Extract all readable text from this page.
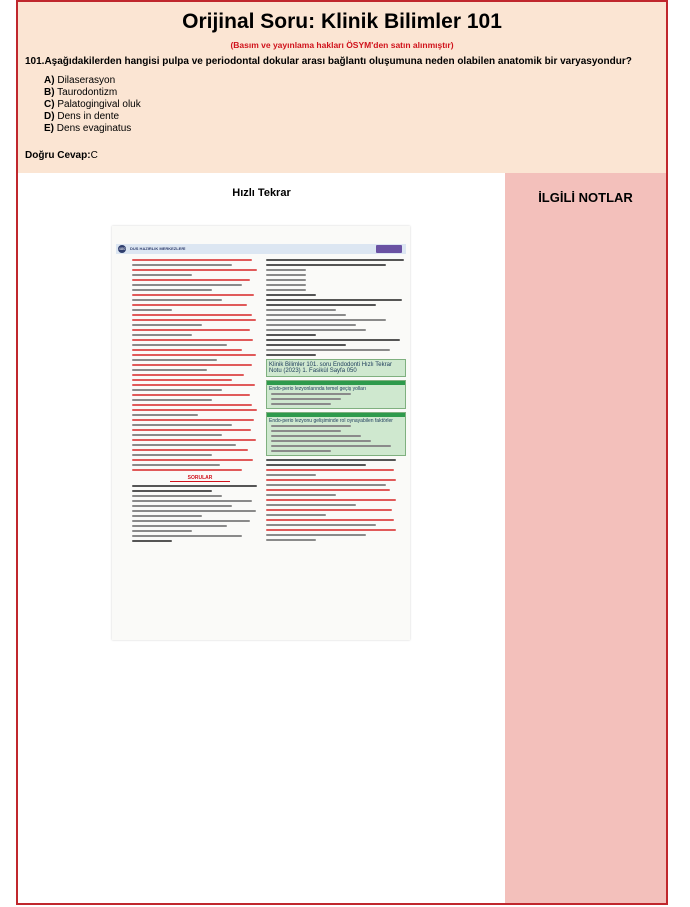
Orijinal Soru: Klinik Bilimler 101
(Basım ve yayınlama hakları ÖSYM'den satın alınmıştır)
101.Aşağıdakilerden hangisi pulpa ve periodontal dokular arası bağlantı oluşumuna neden olabilen anatomik bir varyasyondur?
A) Dilaserasyon
B) Taurodontizm
C) Palatogingival oluk
D) Dens in dente
E) Dens evaginatus
Doğru Cevap:C
Hızlı Tekrar
480 DUS HAZIRLIK MERKEZLERİ
SORULAR
Klinik Bilimler 101. soru Endodonti Hızlı Tekrar Notu (2023) 1. Fasikül Sayfa 050
Endo-perio lezyonlarında temel geçiş yolları
Endo-perio lezyonu gelişiminde rol oynayabilen faktörler
İLGİLİ NOTLAR
